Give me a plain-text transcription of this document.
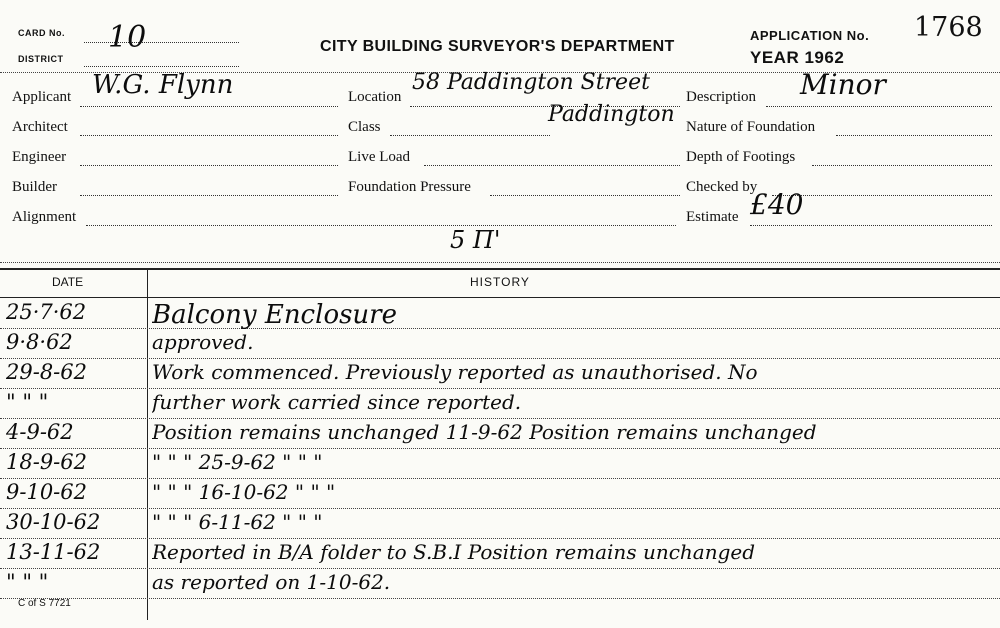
CARD No.
DISTRICT
10	CITY BUILDING SURVEYOR'S DEPARTMENT
APPLICATION No.
YEAR 1962
1768
Applicant W.G. Flynn
Architect
Engineer
Builder
Alignment
Location
58 Paddington Street
Paddington
Class
Live Load
Foundation Pressure
Description Minor
Nature of Foundation
Depth of Footings
Checked by
Estimate £40
5 Π'
DATE	HISTORY
25·7·62	Balcony Enclosure
9·8·62	approved.
29-8-62	Work commenced. Previously reported as unauthorised. No
" " "	further work carried since reported.
4-9-62	Position remains unchanged 11-9-62 Position remains unchanged
18-9-62	" " " 25-9-62 " " "
9-10-62	" " " 16-10-62 " " "
30-10-62	" " " 6-11-62 " " "
13-11-62	Reported in B/A folder to S.B.I Position remains unchanged
" " "	as reported on 1-10-62.
C of S 7721
